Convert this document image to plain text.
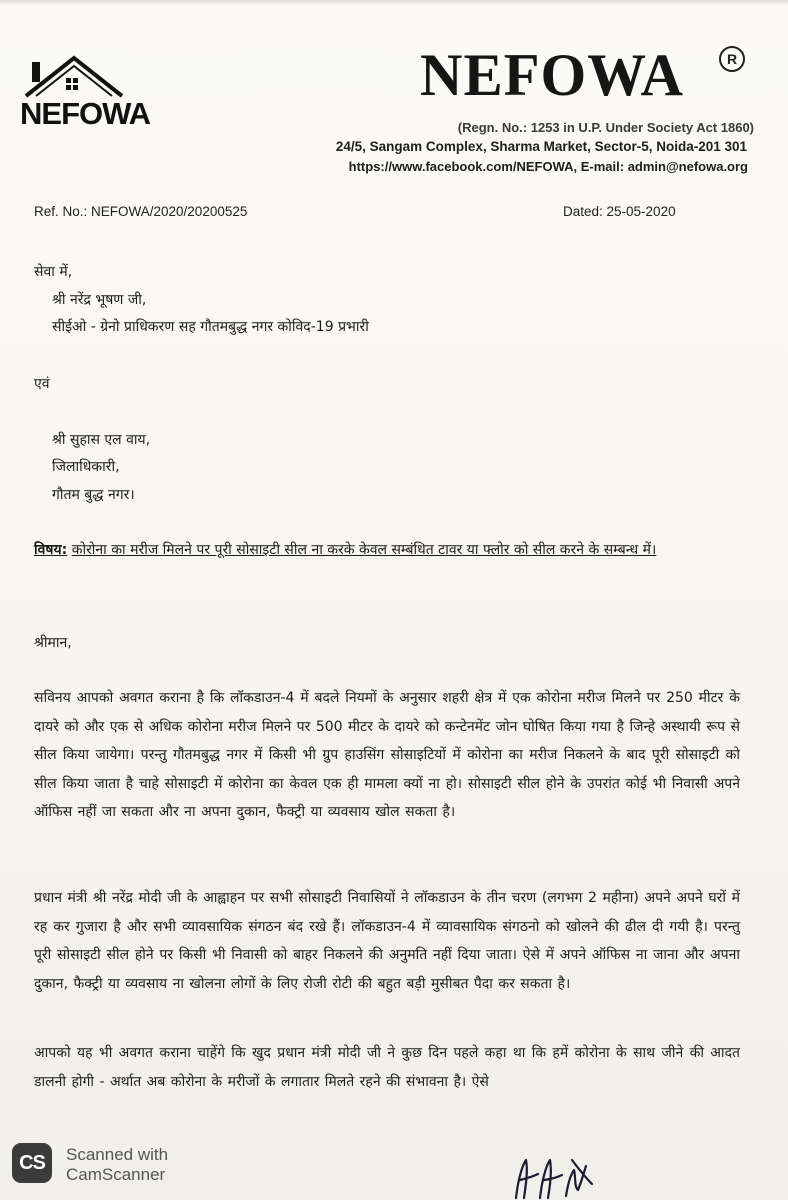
NEFOWA
NEFOWA	R
(Regn. No.: 1253 in U.P. Under Society Act 1860)
24/5, Sangam Complex, Sharma Market, Sector-5, Noida-201 301
https://www.facebook.com/NEFOWA, E-mail: admin@nefowa.org
Ref. No.: NEFOWA/2020/20200525	Dated: 25-05-2020
सेवा में,
श्री नरेंद्र भूषण जी,
सीईओ - ग्रेनो प्राधिकरण सह गौतमबुद्ध नगर कोविद-19 प्रभारी
एवं
श्री सुहास एल वाय,
जिलाधिकारी,
गौतम बुद्ध नगर।
विषय: कोरोना का मरीज मिलने पर पूरी सोसाइटी सील ना करके केवल सम्बंधित टावर या फ्लोर को सील करने के सम्बन्ध में।
श्रीमान,
सविनय आपको अवगत कराना है कि लॉकडाउन-4 में बदले नियमों के अनुसार शहरी क्षेत्र में एक कोरोना मरीज मिलने पर 250 मीटर के दायरे को और एक से अधिक कोरोना मरीज मिलने पर 500 मीटर के दायरे को कन्टेनमेंट जोन घोषित किया गया है जिन्हे अस्थायी रूप से सील किया जायेगा। परन्तु गौतमबुद्ध नगर में किसी भी ग्रुप हाउसिंग सोसाइटियों में कोरोना का मरीज निकलने के बाद पूरी सोसाइटी को सील किया जाता है चाहे सोसाइटी में कोरोना का केवल एक ही मामला क्यों ना हो। सोसाइटी सील होने के उपरांत कोई भी निवासी अपने ऑफिस नहीं जा सकता और ना अपना दुकान, फैक्ट्री या व्यवसाय खोल सकता है।
प्रधान मंत्री श्री नरेंद्र मोदी जी के आह्वाहन पर सभी सोसाइटी निवासियों ने लॉकडाउन के तीन चरण (लगभग 2 महीना) अपने अपने घरों में रह कर गुजारा है और सभी व्यावसायिक संगठन बंद रखे हैं। लॉकडाउन-4 में व्यावसायिक संगठनो को खोलने की ढील दी गयी है। परन्तु पूरी सोसाइटी सील होने पर किसी भी निवासी को बाहर निकलने की अनुमति नहीं दिया जाता। ऐसे में अपने ऑफिस ना जाना और अपना दुकान, फैक्ट्री या व्यवसाय ना खोलना लोगों के लिए रोजी रोटी की बहुत बड़ी मुसीबत पैदा कर सकता है।
आपको यह भी अवगत कराना चाहेंगे कि खुद प्रधान मंत्री मोदी जी ने कुछ दिन पहले कहा था कि हमें कोरोना के साथ जीने की आदत डालनी होगी - अर्थात अब कोरोना के मरीजों के लगातार मिलते रहने की संभावना है। ऐसे
CS	Scanned with
CamScanner
